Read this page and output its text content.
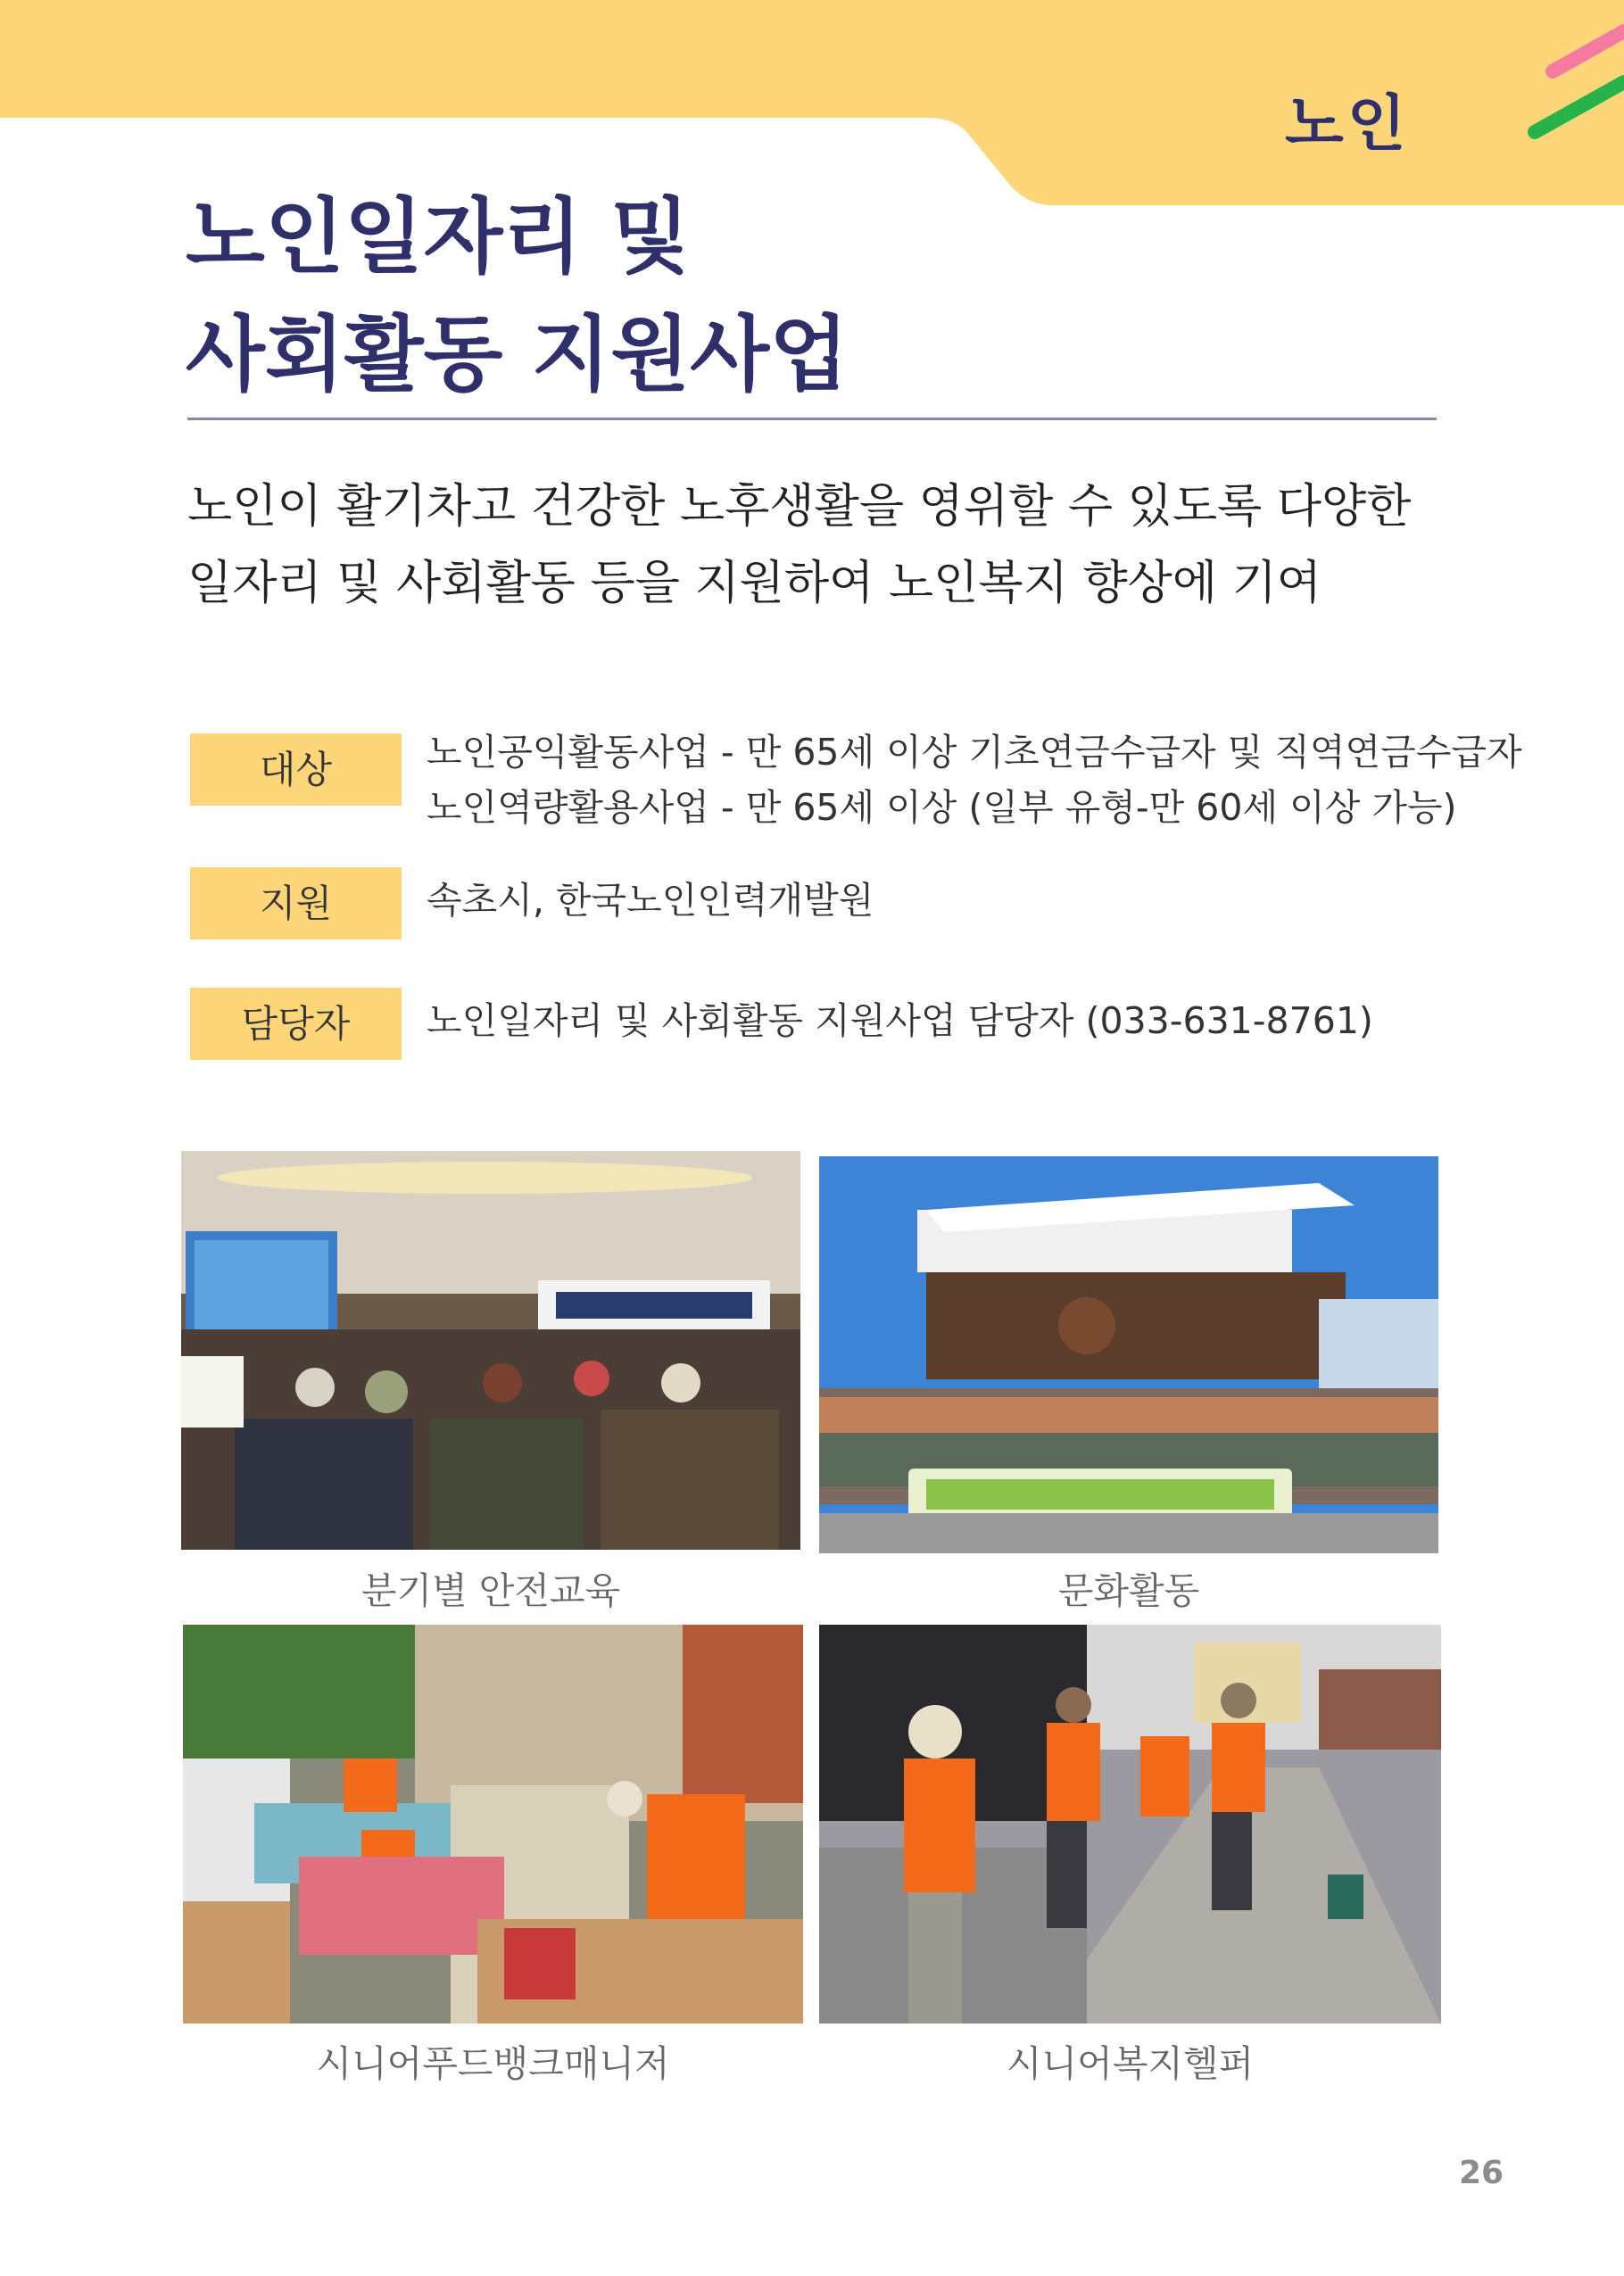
노인
노인일자리 및
사회활동 지원사업
노인이 활기차고 건강한 노후생활을 영위할 수 있도록 다양한
일자리 및 사회활동 등을 지원하여 노인복지 향상에 기여
대상	노인공익활동사업 - 만 65세 이상 기초연금수급자 및 직역연금수급자
노인역량활용사업 - 만 65세 이상 (일부 유형-만 60세 이상 가능)
지원	속초시, 한국노인인력개발원
담당자	노인일자리 및 사회활동 지원사업 담당자 (033-631-8761)
분기별 안전교육	문화활동
시니어푸드뱅크매니저	시니어복지헬퍼
26
